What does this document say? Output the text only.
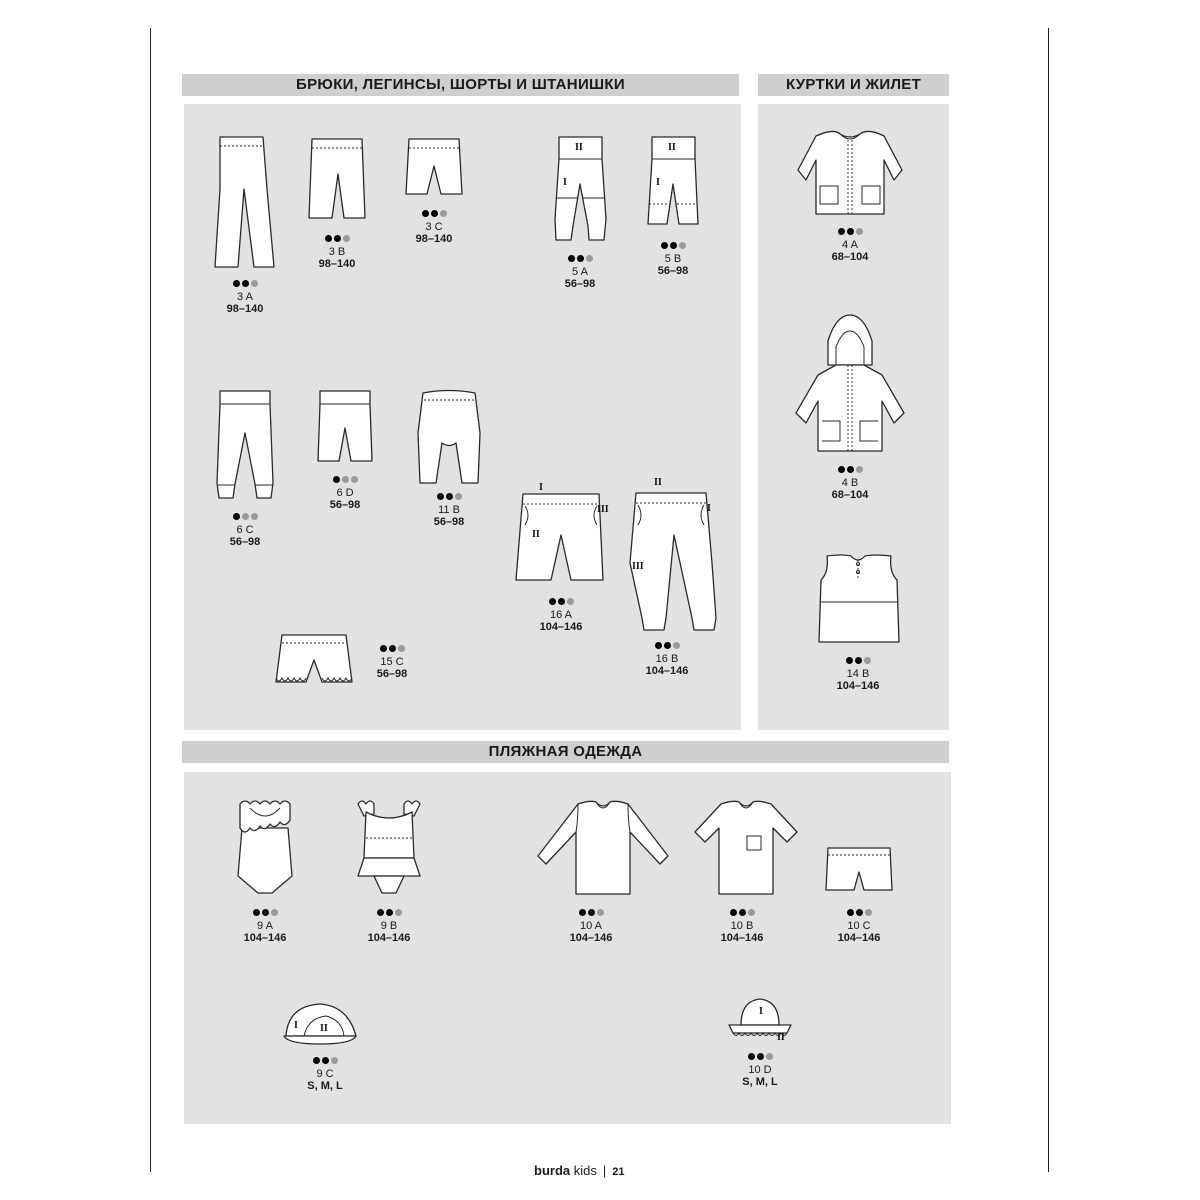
БРЮКИ, ЛЕГИНСЫ, ШОРТЫ И ШТАНИШКИ	КУРТКИ И ЖИЛЕТ
ПЛЯЖНАЯ ОДЕЖДА
3 A
98–140
3 B
98–140
3 C
98–140
II
I
5 A
56–98
II
I
5 B
56–98
6 C
56–98
6 D
56–98	11 B
56–98
I
II
III
16 A
104–146
II
I
III
16 B
104–146
15 C
56–98
4 A
68–104
4 B
68–104
14 B
104–146
9 A
104–146
9 B
104–146
10 A
104–146
10 B
104–146
10 C
104–146
I II
9 C
S, M, L
I
II
10 D
S, M, L
burda kids | 21
